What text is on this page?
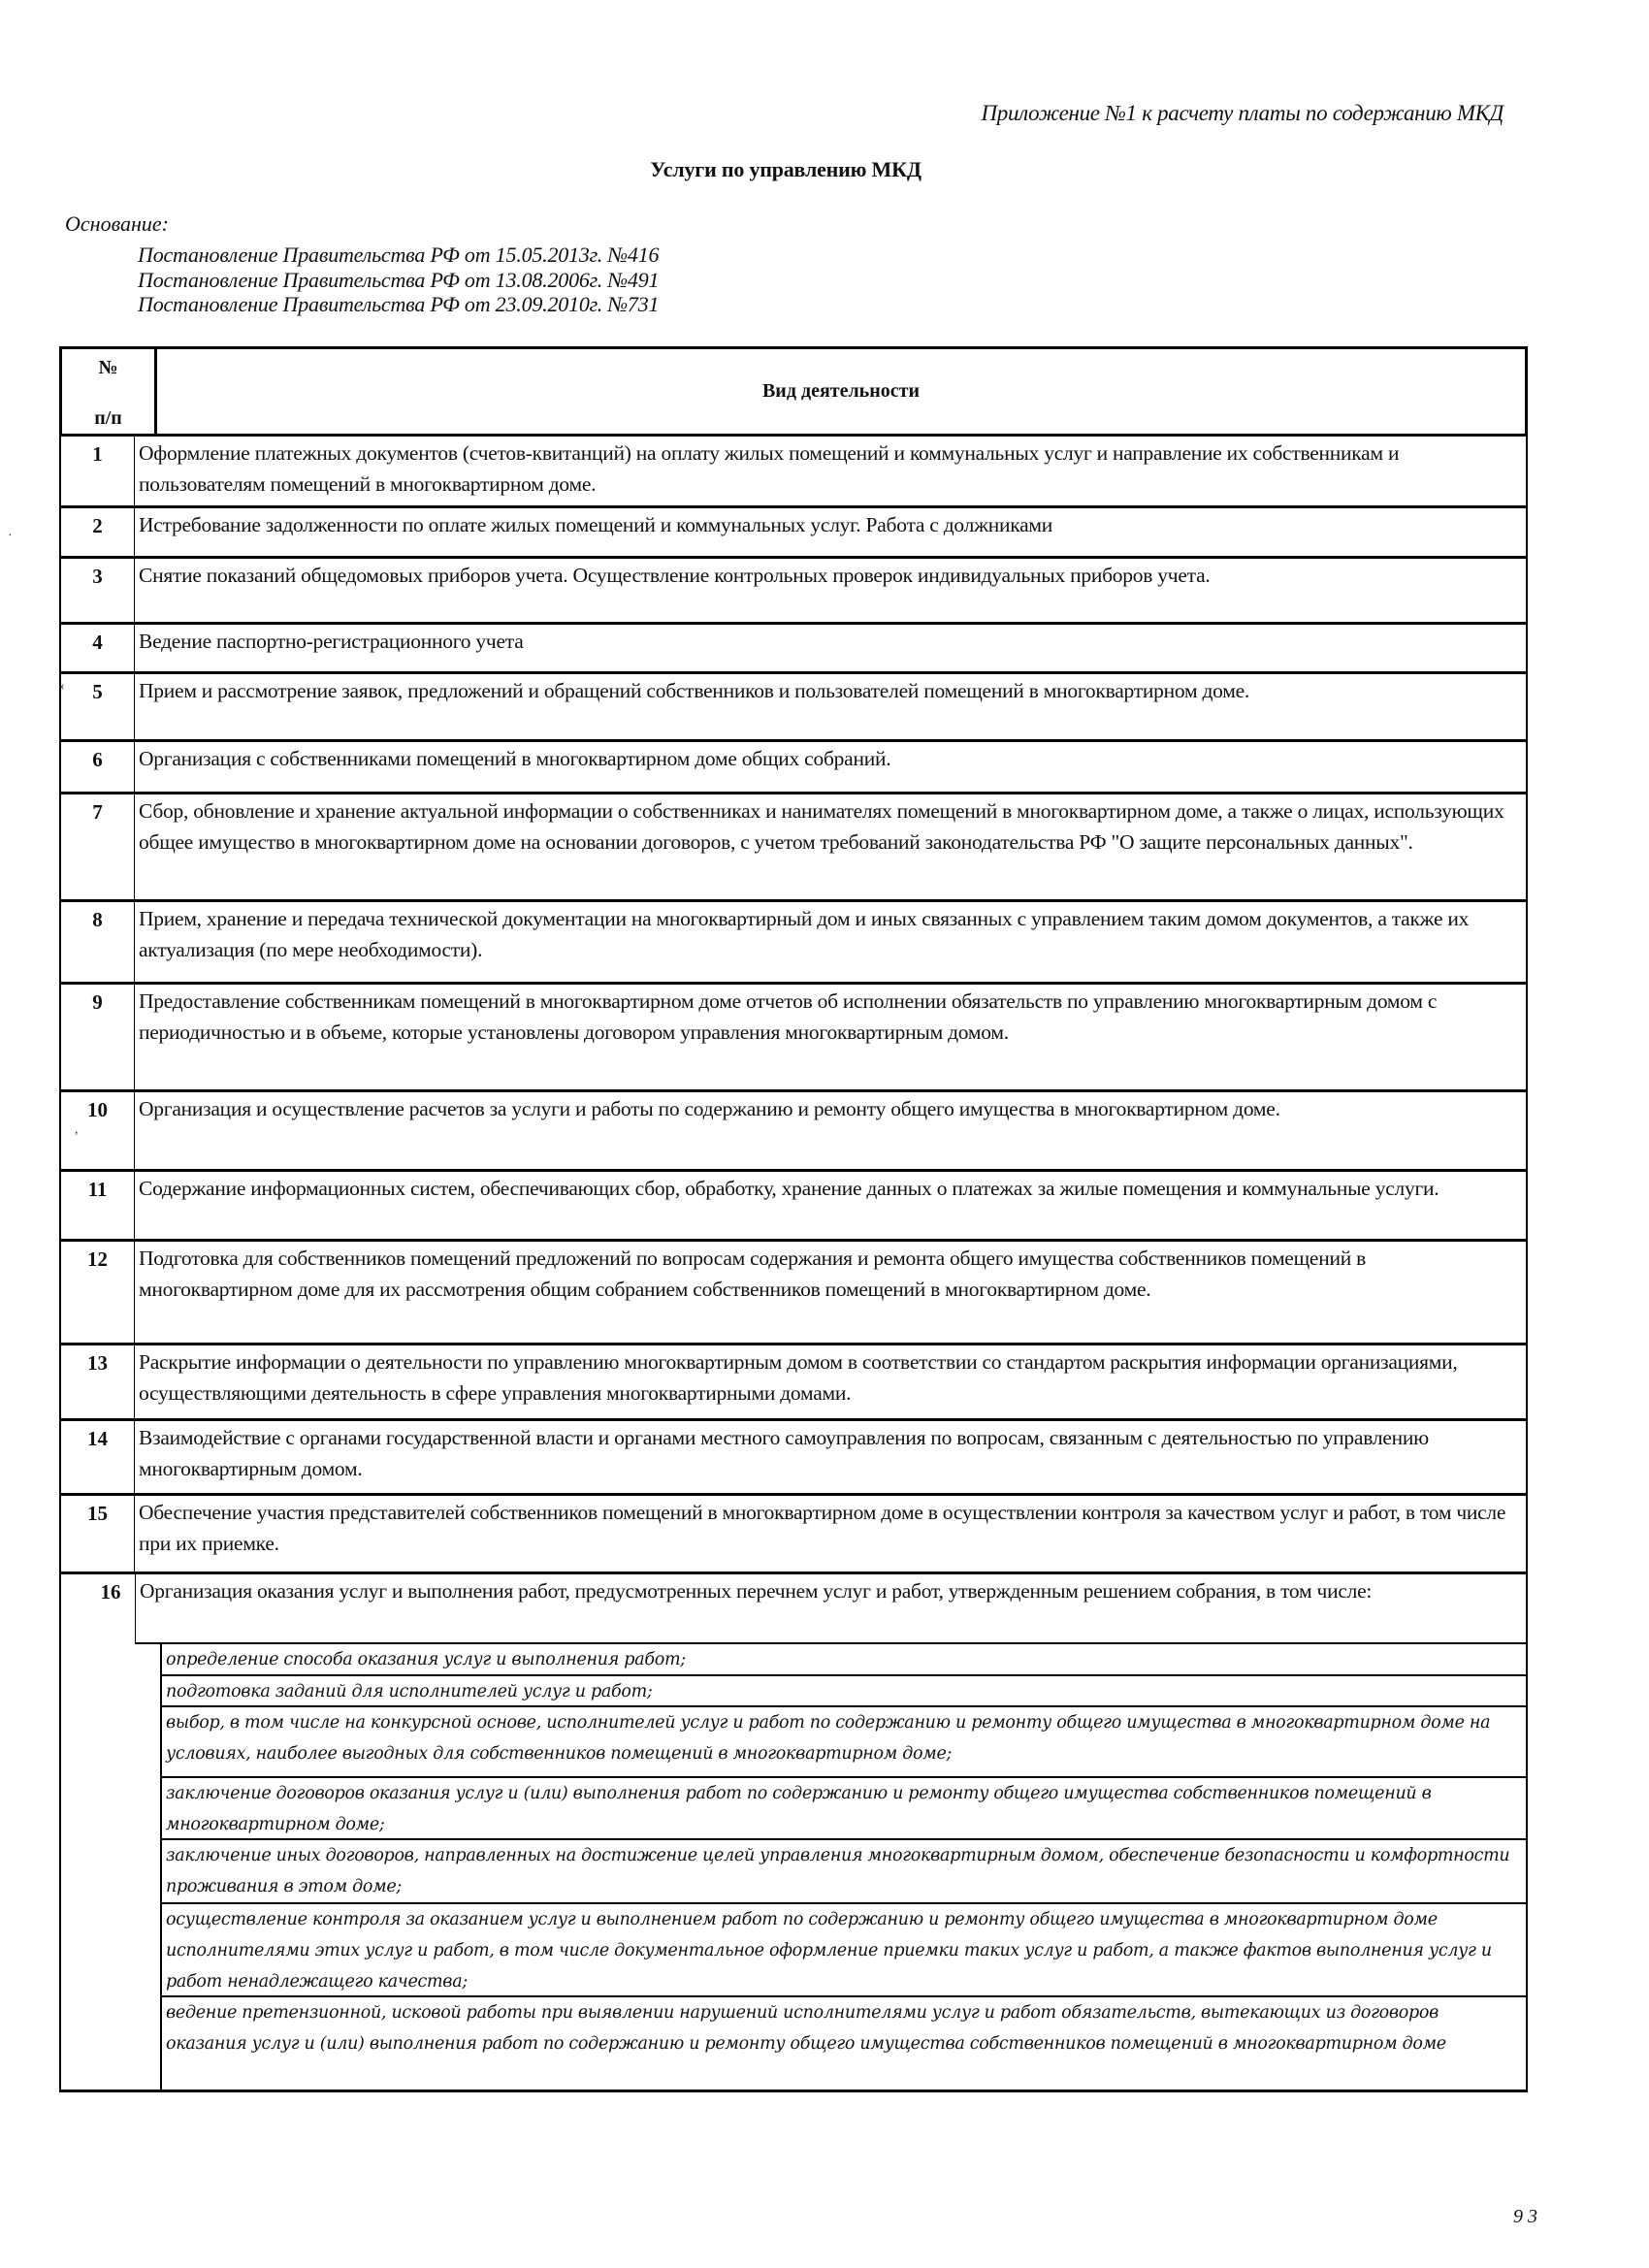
Приложение №1 к расчету платы по содержанию МКД
Услуги по управлению МКД
Основание:
Постановление Правительства РФ от 15.05.2013г. №416
Постановление Правительства РФ от 13.08.2006г. №491
Постановление Правительства РФ от 23.09.2010г. №731
№
п/п
Вид деятельности
1	Оформление платежных документов (счетов-квитанций) на оплату жилых помещений и коммунальных услуг и направление их собственникам и пользователям помещений в многоквартирном доме.
2	Истребование задолженности по оплате жилых помещений и коммунальных услуг. Работа с должниками
3	Снятие показаний общедомовых приборов учета. Осуществление контрольных проверок индивидуальных приборов учета.
4	Ведение паспортно-регистрационного учета
5	Прием и рассмотрение заявок, предложений и обращений собственников и пользователей помещений в многоквартирном доме.
6	Организация с собственниками помещений в многоквартирном доме общих собраний.
7	Сбор, обновление и хранение актуальной информации о собственниках и нанимателях помещений в многоквартирном доме, а также о лицах, использующих общее имущество в многоквартирном доме на основании договоров, с учетом требований законодательства РФ "О защите персональных данных".
8	Прием, хранение и передача технической документации на многоквартирный дом и иных связанных с управлением таким домом документов, а также их актуализация (по мере необходимости).
9	Предоставление собственникам помещений в многоквартирном доме отчетов об исполнении обязательств по управлению многоквартирным домом с периодичностью и в объеме, которые установлены договором управления многоквартирным домом.
10	Организация и осуществление расчетов за услуги и работы по содержанию и ремонту общего имущества в многоквартирном доме.
11	Содержание информационных систем, обеспечивающих сбор, обработку, хранение данных о платежах за жилые помещения и коммунальные услуги.
12	Подготовка для собственников помещений предложений по вопросам содержания и ремонта общего имущества собственников помещений в многоквартирном доме для их рассмотрения общим собранием собственников помещений в многоквартирном доме.
13	Раскрытие информации о деятельности по управлению многоквартирным домом в соответствии со стандартом раскрытия информации организациями, осуществляющими деятельность в сфере управления многоквартирными домами.
14	Взаимодействие с органами государственной власти и органами местного самоуправления по вопросам, связанным с деятельностью по управлению многоквартирным домом.
15	Обеспечение участия представителей собственников помещений в многоквартирном доме в осуществлении контроля за качеством услуг и работ, в том числе при их приемке.
16 Организация оказания услуг и выполнения работ, предусмотренных перечнем услуг и работ, утвержденным решением собрания, в том числе:
определение способа оказания услуг и выполнения работ;
подготовка заданий для исполнителей услуг и работ;
выбор, в том числе на конкурсной основе, исполнителей услуг и работ по содержанию и ремонту общего имущества в многоквартирном доме на условиях, наиболее выгодных для собственников помещений в многоквартирном доме;
заключение договоров оказания услуг и (или) выполнения работ по содержанию и ремонту общего имущества собственников помещений в многоквартирном доме;
заключение иных договоров, направленных на достижение целей управления многоквартирным домом, обеспечение безопасности и комфортности проживания в этом доме;
осуществление контроля за оказанием услуг и выполнением работ по содержанию и ремонту общего имущества в многоквартирном доме исполнителями этих услуг и работ, в том числе документальное оформление приемки таких услуг и работ, а также фактов выполнения услуг и работ ненадлежащего качества;
ведение претензионной, исковой работы при выявлении нарушений исполнителями услуг и работ обязательств, вытекающих из договоров оказания услуг и (или) выполнения работ по содержанию и ремонту общего имущества собственников помещений в многоквартирном доме
·
‹
,
9 3
